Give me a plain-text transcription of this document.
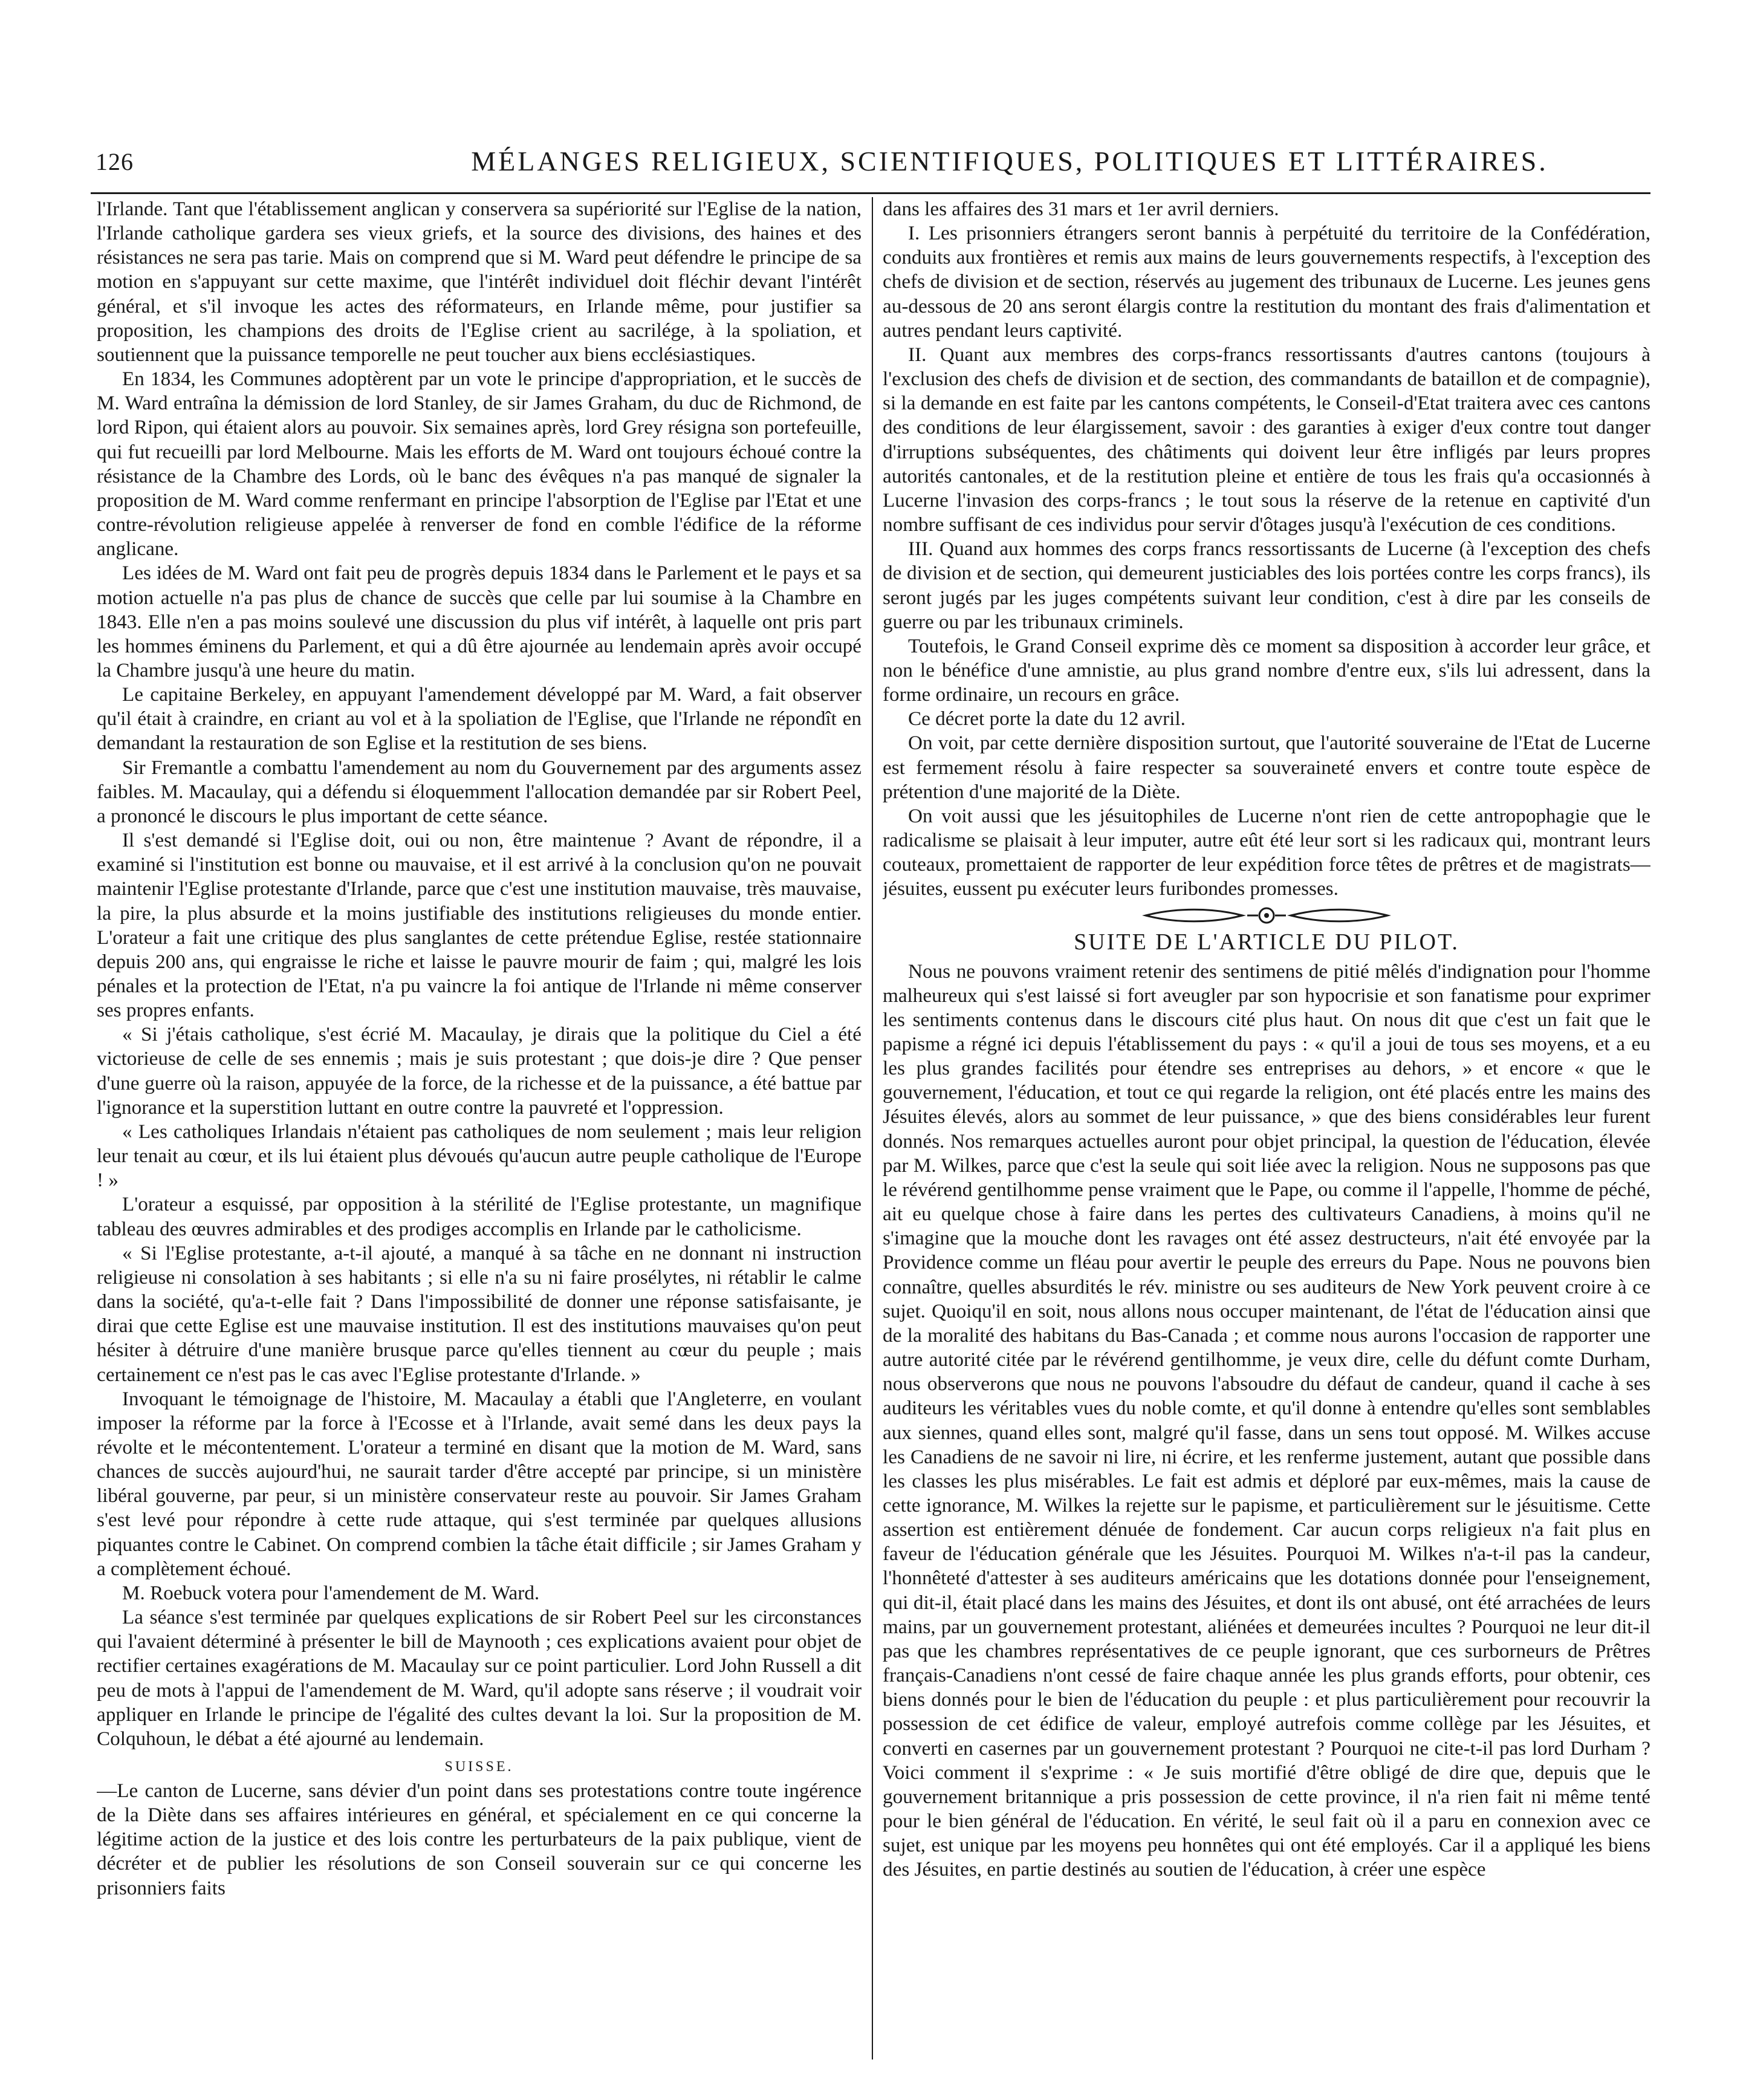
126	MÉLANGES RELIGIEUX, SCIENTIFIQUES, POLITIQUES ET LITTÉRAIRES.

l'Irlande. Tant que l'établissement anglican y conservera sa supériorité sur l'Eglise de la nation, l'Irlande catholique gardera ses vieux griefs, et la source des divisions, des haines et des résistances ne sera pas tarie. Mais on comprend que si M. Ward peut défendre le principe de sa motion en s'appuyant sur cette maxime, que l'intérêt individuel doit fléchir devant l'intérêt général, et s'il invoque les actes des réformateurs, en Irlande même, pour justifier sa proposition, les champions des droits de l'Eglise crient au sacrilége, à la spoliation, et soutiennent que la puissance temporelle ne peut toucher aux biens ecclésiastiques.

En 1834, les Communes adoptèrent par un vote le principe d'appropriation, et le succès de M. Ward entraîna la démission de lord Stanley, de sir James Graham, du duc de Richmond, de lord Ripon, qui étaient alors au pouvoir. Six semaines après, lord Grey résigna son portefeuille, qui fut recueilli par lord Melbourne. Mais les efforts de M. Ward ont toujours échoué contre la résistance de la Chambre des Lords, où le banc des évêques n'a pas manqué de signaler la proposition de M. Ward comme renfermant en principe l'absorption de l'Eglise par l'Etat et une contre-révolution religieuse appelée à renverser de fond en comble l'édifice de la réforme anglicane.

Les idées de M. Ward ont fait peu de progrès depuis 1834 dans le Parlement et le pays et sa motion actuelle n'a pas plus de chance de succès que celle par lui soumise à la Chambre en 1843. Elle n'en a pas moins soulevé une discussion du plus vif intérêt, à laquelle ont pris part les hommes éminens du Parlement, et qui a dû être ajournée au lendemain après avoir occupé la Chambre jusqu'à une heure du matin.

Le capitaine Berkeley, en appuyant l'amendement développé par M. Ward, a fait observer qu'il était à craindre, en criant au vol et à la spoliation de l'Eglise, que l'Irlande ne répondît en demandant la restauration de son Eglise et la restitution de ses biens.

Sir Fremantle a combattu l'amendement au nom du Gouvernement par des arguments assez faibles. M. Macaulay, qui a défendu si éloquemment l'allocation demandée par sir Robert Peel, a prononcé le discours le plus important de cette séance.

Il s'est demandé si l'Eglise doit, oui ou non, être maintenue ? Avant de répondre, il a examiné si l'institution est bonne ou mauvaise, et il est arrivé à la conclusion qu'on ne pouvait maintenir l'Eglise protestante d'Irlande, parce que c'est une institution mauvaise, très mauvaise, la pire, la plus absurde et la moins justifiable des institutions religieuses du monde entier. L'orateur a fait une critique des plus sanglantes de cette prétendue Eglise, restée stationnaire depuis 200 ans, qui engraisse le riche et laisse le pauvre mourir de faim ; qui, malgré les lois pénales et la protection de l'Etat, n'a pu vaincre la foi antique de l'Irlande ni même conserver ses propres enfants.

« Si j'étais catholique, s'est écrié M. Macaulay, je dirais que la politique du Ciel a été victorieuse de celle de ses ennemis ; mais je suis protestant ; que dois-je dire ? Que penser d'une guerre où la raison, appuyée de la force, de la richesse et de la puissance, a été battue par l'ignorance et la superstition luttant en outre contre la pauvreté et l'oppression.

« Les catholiques Irlandais n'étaient pas catholiques de nom seulement ; mais leur religion leur tenait au cœur, et ils lui étaient plus dévoués qu'aucun autre peuple catholique de l'Europe ! »

L'orateur a esquissé, par opposition à la stérilité de l'Eglise protestante, un magnifique tableau des œuvres admirables et des prodiges accomplis en Irlande par le catholicisme.

« Si l'Eglise protestante, a-t-il ajouté, a manqué à sa tâche en ne donnant ni instruction religieuse ni consolation à ses habitants ; si elle n'a su ni faire prosélytes, ni rétablir le calme dans la société, qu'a-t-elle fait ? Dans l'impossibilité de donner une réponse satisfaisante, je dirai que cette Eglise est une mauvaise institution. Il est des institutions mauvaises qu'on peut hésiter à détruire d'une manière brusque parce qu'elles tiennent au cœur du peuple ; mais certainement ce n'est pas le cas avec l'Eglise protestante d'Irlande. »

Invoquant le témoignage de l'histoire, M. Macaulay a établi que l'Angleterre, en voulant imposer la réforme par la force à l'Ecosse et à l'Irlande, avait semé dans les deux pays la révolte et le mécontentement. L'orateur a terminé en disant que la motion de M. Ward, sans chances de succès aujourd'hui, ne saurait tarder d'être accepté par principe, si un ministère libéral gouverne, par peur, si un ministère conservateur reste au pouvoir. Sir James Graham s'est levé pour répondre à cette rude attaque, qui s'est terminée par quelques allusions piquantes contre le Cabinet. On comprend combien la tâche était difficile ; sir James Graham y a complètement échoué.

M. Roebuck votera pour l'amendement de M. Ward.

La séance s'est terminée par quelques explications de sir Robert Peel sur les circonstances qui l'avaient déterminé à présenter le bill de Maynooth ; ces explications avaient pour objet de rectifier certaines exagérations de M. Macaulay sur ce point particulier. Lord John Russell a dit peu de mots à l'appui de l'amendement de M. Ward, qu'il adopte sans réserve ; il voudrait voir appliquer en Irlande le principe de l'égalité des cultes devant la loi. Sur la proposition de M. Colquhoun, le débat a été ajourné au lendemain.

SUISSE.

—Le canton de Lucerne, sans dévier d'un point dans ses protestations contre toute ingérence de la Diète dans ses affaires intérieures en général, et spécialement en ce qui concerne la légitime action de la justice et des lois contre les perturbateurs de la paix publique, vient de décréter et de publier les résolutions de son Conseil souverain sur ce qui concerne les prisonniers faits

dans les affaires des 31 mars et 1er avril derniers.

I. Les prisonniers étrangers seront bannis à perpétuité du territoire de la Confédération, conduits aux frontières et remis aux mains de leurs gouvernements respectifs, à l'exception des chefs de division et de section, réservés au jugement des tribunaux de Lucerne. Les jeunes gens au-dessous de 20 ans seront élargis contre la restitution du montant des frais d'alimentation et autres pendant leurs captivité.

II. Quant aux membres des corps-francs ressortissants d'autres cantons (toujours à l'exclusion des chefs de division et de section, des commandants de bataillon et de compagnie), si la demande en est faite par les cantons compétents, le Conseil-d'Etat traitera avec ces cantons des conditions de leur élargissement, savoir : des garanties à exiger d'eux contre tout danger d'irruptions subséquentes, des châtiments qui doivent leur être infligés par leurs propres autorités cantonales, et de la restitution pleine et entière de tous les frais qu'a occasionnés à Lucerne l'invasion des corps-francs ; le tout sous la réserve de la retenue en captivité d'un nombre suffisant de ces individus pour servir d'ôtages jusqu'à l'exécution de ces conditions.

III. Quand aux hommes des corps francs ressortissants de Lucerne (à l'exception des chefs de division et de section, qui demeurent justiciables des lois portées contre les corps francs), ils seront jugés par les juges compétents suivant leur condition, c'est à dire par les conseils de guerre ou par les tribunaux criminels.

Toutefois, le Grand Conseil exprime dès ce moment sa disposition à accorder leur grâce, et non le bénéfice d'une amnistie, au plus grand nombre d'entre eux, s'ils lui adressent, dans la forme ordinaire, un recours en grâce.

Ce décret porte la date du 12 avril.

On voit, par cette dernière disposition surtout, que l'autorité souveraine de l'Etat de Lucerne est fermement résolu à faire respecter sa souveraineté envers et contre toute espèce de prétention d'une majorité de la Diète.

On voit aussi que les jésuitophiles de Lucerne n'ont rien de cette antropophagie que le radicalisme se plaisait à leur imputer, autre eût été leur sort si les radicaux qui, montrant leurs couteaux, promettaient de rapporter de leur expédition force têtes de prêtres et de magistrats—jésuites, eussent pu exécuter leurs furibondes promesses.

SUITE DE L'ARTICLE DU PILOT.

Nous ne pouvons vraiment retenir des sentimens de pitié mêlés d'indignation pour l'homme malheureux qui s'est laissé si fort aveugler par son hypocrisie et son fanatisme pour exprimer les sentiments contenus dans le discours cité plus haut. On nous dit que c'est un fait que le papisme a régné ici depuis l'établissement du pays : « qu'il a joui de tous ses moyens, et a eu les plus grandes facilités pour étendre ses entreprises au dehors, » et encore « que le gouvernement, l'éducation, et tout ce qui regarde la religion, ont été placés entre les mains des Jésuites élevés, alors au sommet de leur puissance, » que des biens considérables leur furent donnés. Nos remarques actuelles auront pour objet principal, la question de l'éducation, élevée par M. Wilkes, parce que c'est la seule qui soit liée avec la religion. Nous ne supposons pas que le révérend gentilhomme pense vraiment que le Pape, ou comme il l'appelle, l'homme de péché, ait eu quelque chose à faire dans les pertes des cultivateurs Canadiens, à moins qu'il ne s'imagine que la mouche dont les ravages ont été assez destructeurs, n'ait été envoyée par la Providence comme un fléau pour avertir le peuple des erreurs du Pape. Nous ne pouvons bien connaître, quelles absurdités le rév. ministre ou ses auditeurs de New York peuvent croire à ce sujet. Quoiqu'il en soit, nous allons nous occuper maintenant, de l'état de l'éducation ainsi que de la moralité des habitans du Bas-Canada ; et comme nous aurons l'occasion de rapporter une autre autorité citée par le révérend gentilhomme, je veux dire, celle du défunt comte Durham, nous observerons que nous ne pouvons l'absoudre du défaut de candeur, quand il cache à ses auditeurs les véritables vues du noble comte, et qu'il donne à entendre qu'elles sont semblables aux siennes, quand elles sont, malgré qu'il fasse, dans un sens tout opposé. M. Wilkes accuse les Canadiens de ne savoir ni lire, ni écrire, et les renferme justement, autant que possible dans les classes les plus misérables. Le fait est admis et déploré par eux-mêmes, mais la cause de cette ignorance, M. Wilkes la rejette sur le papisme, et particulièrement sur le jésuitisme. Cette assertion est entièrement dénuée de fondement. Car aucun corps religieux n'a fait plus en faveur de l'éducation générale que les Jésuites. Pourquoi M. Wilkes n'a-t-il pas la candeur, l'honnêteté d'attester à ses auditeurs américains que les dotations donnée pour l'enseignement, qui dit-il, était placé dans les mains des Jésuites, et dont ils ont abusé, ont été arrachées de leurs mains, par un gouvernement protestant, aliénées et demeurées incultes ? Pourquoi ne leur dit-il pas que les chambres représentatives de ce peuple ignorant, que ces surborneurs de Prêtres français-Canadiens n'ont cessé de faire chaque année les plus grands efforts, pour obtenir, ces biens donnés pour le bien de l'éducation du peuple : et plus particulièrement pour recouvrir la possession de cet édifice de valeur, employé autrefois comme collège par les Jésuites, et converti en casernes par un gouvernement protestant ? Pourquoi ne cite-t-il pas lord Durham ? Voici comment il s'exprime : « Je suis mortifié d'être obligé de dire que, depuis que le gouvernement britannique a pris possession de cette province, il n'a rien fait ni même tenté pour le bien général de l'éducation. En vérité, le seul fait où il a paru en connexion avec ce sujet, est unique par les moyens peu honnêtes qui ont été employés. Car il a appliqué les biens des Jésuites, en partie destinés au soutien de l'éducation, à créer une espèce
